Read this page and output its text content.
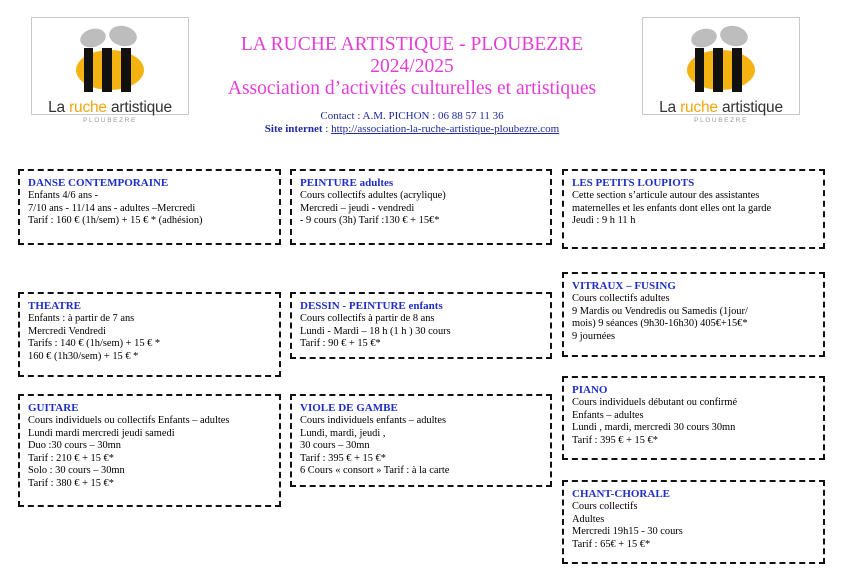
La ruche artistique
PLOUBEZRE
La ruche artistique
PLOUBEZRE
LA RUCHE ARTISTIQUE - PLOUBEZRE
2024/2025
Association d’activités culturelles et artistiques
Contact : A.M. PICHON : 06 88 57 11 36
Site internet : http://association-la-ruche-artistique-ploubezre.com
DANSE CONTEMPORAINE
Enfants 4/6 ans -
7/10 ans - 11/14 ans - adultes –Mercredi
Tarif : 160 € (1h/sem) + 15 € * (adhésion)
PEINTURE adultes
Cours collectifs adultes (acrylique)
Mercredi – jeudi - vendredi
- 9 cours (3h) Tarif :130 € + 15€*
LES PETITS LOUPIOTS
Cette section s’articule autour des assistantes
maternelles et les enfants dont elles ont la garde
Jeudi : 9 h 11 h
VITRAUX – FUSING
Cours collectifs adultes
9 Mardis ou Vendredis ou Samedis (1jour/
mois) 9 séances (9h30-16h30) 405€+15€*
9 journées
THEATRE
Enfants : à partir de 7 ans
Mercredi Vendredi
Tarifs : 140 € (1h/sem) + 15 € *
160 € (1h30/sem) + 15 € *
DESSIN - PEINTURE enfants
Cours collectifs à partir de 8 ans
Lundi - Mardi – 18 h (1 h ) 30 cours
Tarif : 90 € + 15 €*
PIANO
Cours individuels débutant ou confirmé
Enfants – adultes
Lundi , mardi, mercredi 30 cours 30mn
Tarif : 395 € + 15 €*
GUITARE
Cours individuels ou collectifs Enfants – adultes
Lundi mardi mercredi jeudi samedi
Duo :30 cours – 30mn
Tarif : 210 € + 15 €*
Solo : 30 cours – 30mn
Tarif : 380 € + 15 €*
VIOLE DE GAMBE
Cours individuels enfants – adultes
Lundi, mardi, jeudi ,
30 cours – 30mn
Tarif : 395 € + 15 €*
6 Cours « consort » Tarif : à la carte
CHANT-CHORALE
Cours collectifs
Adultes
Mercredi 19h15 - 30 cours
Tarif : 65€ + 15 €*
